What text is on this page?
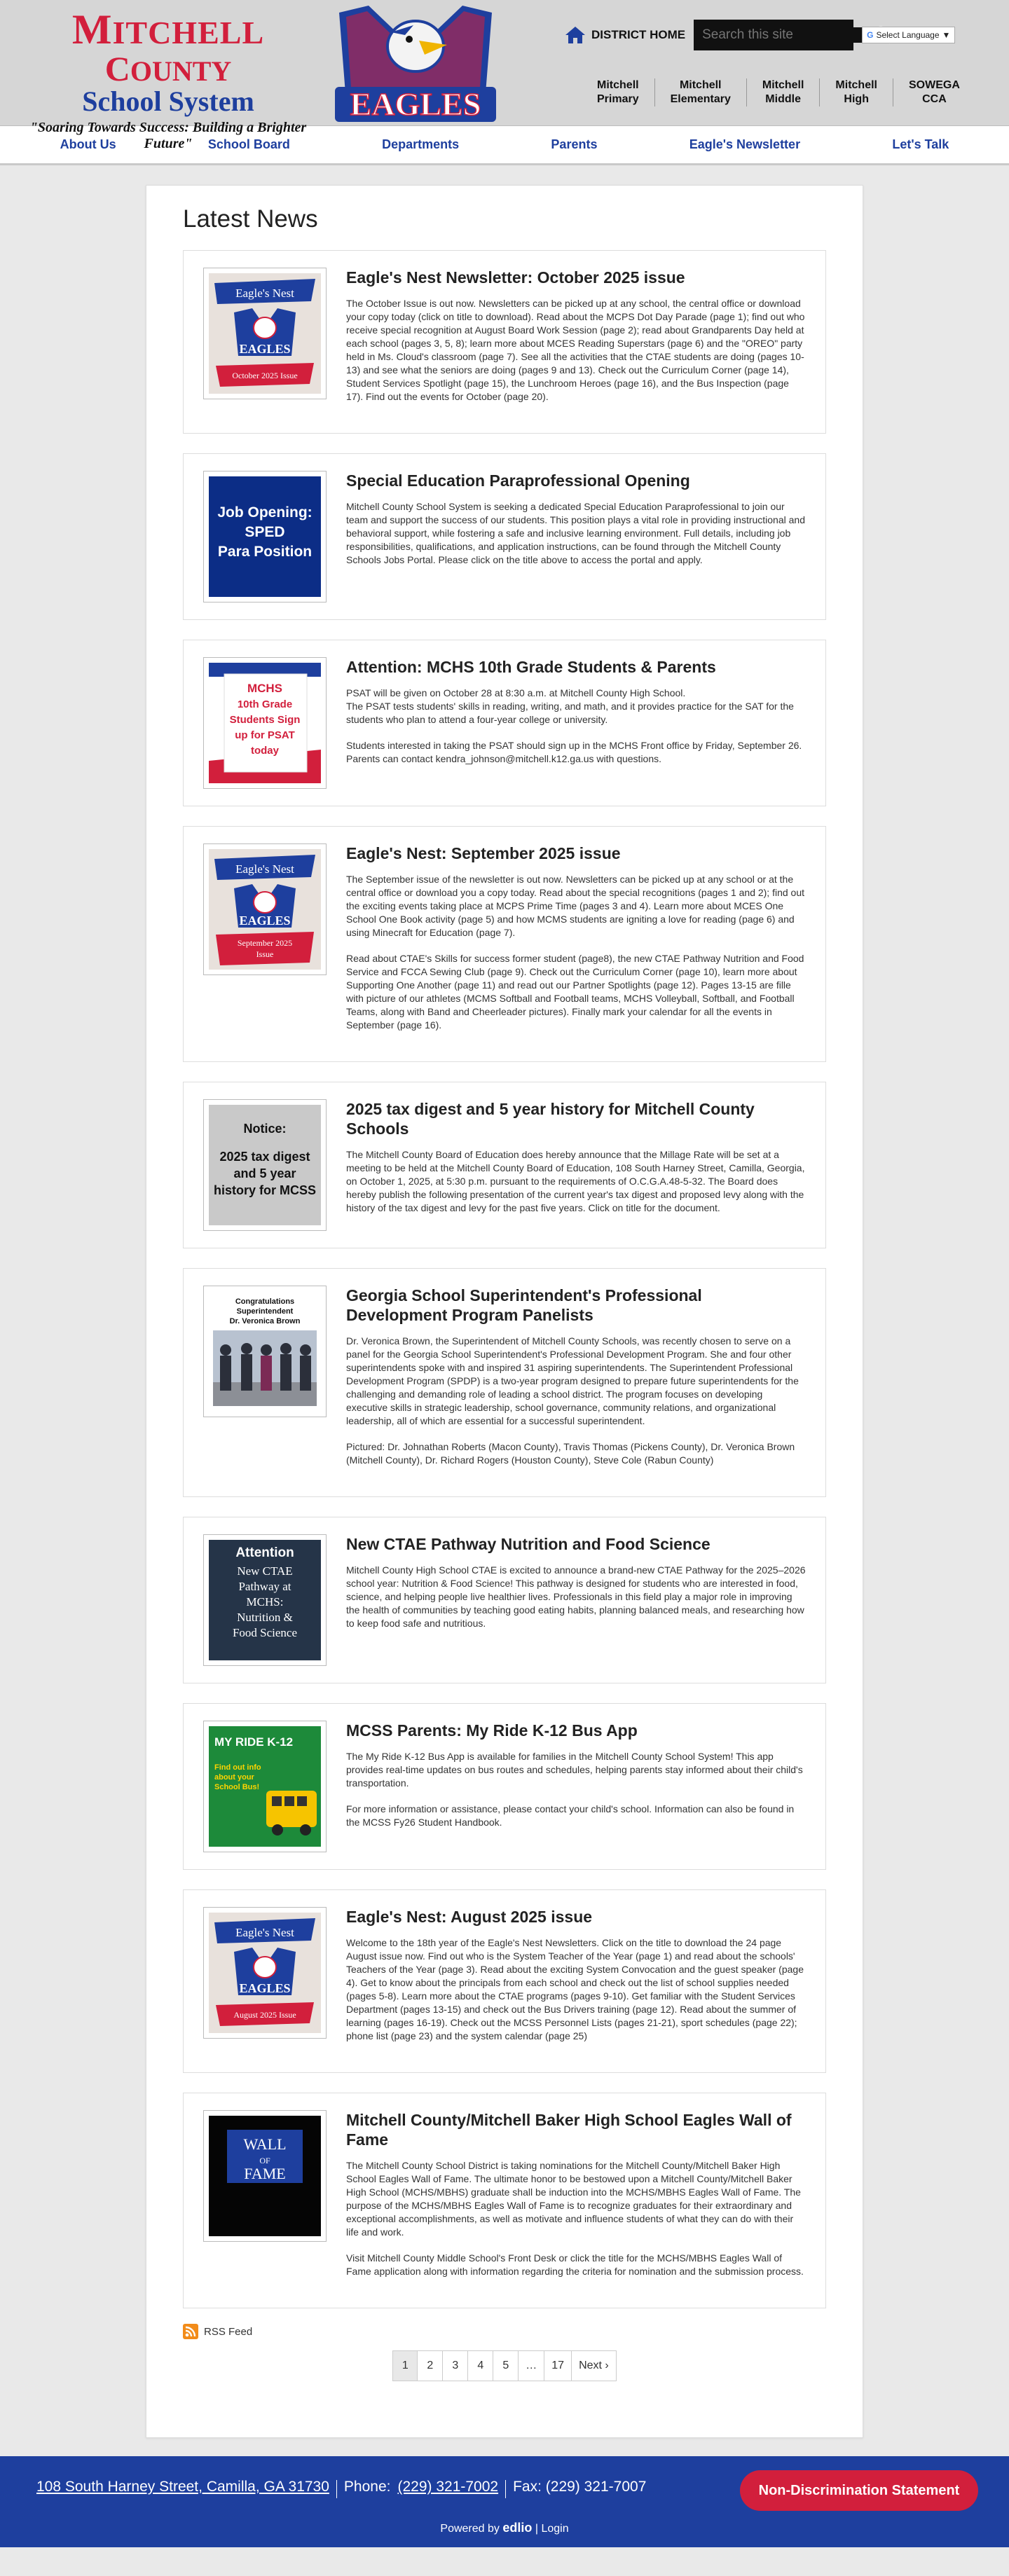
MITCHELL
COUNTY
School System
"Soaring Towards Success: Building a Brighter Future"
EAGLES
DISTRICT HOME
Search this site	G Select Language ▼
Mitchell
Primary
Mitchell
Elementary
Mitchell
Middle
Mitchell
High
SOWEGA
CCA
About Us	School Board	Departments	Parents	Eagle's Newsletter	Let's Talk
Latest News
Eagle's Nest
EAGLES
October 2025 Issue
Eagle's Nest Newsletter: October 2025 issue

The October Issue is out now. Newsletters can be picked up at any school, the central office or download your copy today (click on title to download). Read about the MCPS Dot Day Parade (page 1); find out who receive special recognition at August Board Work Session (page 2); read about Grandparents Day held at each school (pages 3, 5, 8); learn more about MCES Reading Superstars (page 6) and the "OREO" party held in Ms. Cloud's classroom (page 7). See all the activities that the CTAE students are doing (pages 10-13) and see what the seniors are doing (pages 9 and 13). Check out the Curriculum Corner (page 14), Student Services Spotlight (page 15), the Lunchroom Heroes (page 16), and the Bus Inspection (page 17). Find out the events for October (page 20).

Job Opening:
SPED
Para Position
Special Education Paraprofessional Opening

Mitchell County School System is seeking a dedicated Special Education Paraprofessional to join our team and support the success of our students. This position plays a vital role in providing instructional and behavioral support, while fostering a safe and inclusive learning environment. Full details, including job responsibilities, qualifications, and application instructions, can be found through the Mitchell County Schools Jobs Portal. Please click on the title above to access the portal and apply.

MCHS
10th Grade
Students Sign
up for PSAT
today
Attention: MCHS 10th Grade Students & Parents

PSAT will be given on October 28 at 8:30 a.m. at Mitchell County High School.
The PSAT tests students' skills in reading, writing, and math, and it provides practice for the SAT for the students who plan to attend a four-year college or university.

Students interested in taking the PSAT should sign up in the MCHS Front office by Friday, September 26. Parents can contact kendra_johnson@mitchell.k12.ga.us with questions.

Eagle's Nest
EAGLES
September 2025
Issue
Eagle's Nest: September 2025 issue

The September issue of the newsletter is out now. Newsletters can be picked up at any school or at the central office or download you a copy today. Read about the special recognitions (pages 1 and 2); find out the exciting events taking place at MCPS Prime Time (pages 3 and 4). Learn more about MCES One School One Book activity (page 5) and how MCMS students are igniting a love for reading (page 6) and using Minecraft for Education (page 7).

Read about CTAE's Skills for success former student (page8), the new CTAE Pathway Nutrition and Food Service and FCCA Sewing Club (page 9). Check out the Curriculum Corner (page 10), learn more about Supporting One Another (page 11) and read out our Partner Spotlights (page 12). Pages 13-15 are fille with picture of our athletes (MCMS Softball and Football teams, MCHS Volleyball, Softball, and Football Teams, along with Band and Cheerleader pictures). Finally mark your calendar for all the events in September (page 16).

Notice:
2025 tax digest
and 5 year
history for MCSS
2025 tax digest and 5 year history for Mitchell County Schools

The Mitchell County Board of Education does hereby announce that the Millage Rate will be set at a meeting to be held at the Mitchell County Board of Education, 108 South Harney Street, Camilla, Georgia, on October 1, 2025, at 5:30 p.m. pursuant to the requirements of O.C.G.A.48-5-32. The Board does hereby publish the following presentation of the current year's tax digest and proposed levy along with the history of the tax digest and levy for the past five years. Click on title for the document.

Congratulations
Superintendent
Dr. Veronica Brown
Georgia School Superintendent's Professional Development Program Panelists

Dr. Veronica Brown, the Superintendent of Mitchell County Schools, was recently chosen to serve on a panel for the Georgia School Superintendent's Professional Development Program. She and four other superintendents spoke with and inspired 31 aspiring superintendents. The Superintendent Professional Development Program (SPDP) is a two-year program designed to prepare future superintendents for the challenging and demanding role of leading a school district. The program focuses on developing executive skills in strategic leadership, school governance, community relations, and organizational leadership, all of which are essential for a successful superintendent.

Pictured: Dr. Johnathan Roberts (Macon County), Travis Thomas (Pickens County), Dr. Veronica Brown (Mitchell County), Dr. Richard Rogers (Houston County), Steve Cole (Rabun County)

Attention
New CTAE
Pathway at
MCHS:
Nutrition &
Food Science
New CTAE Pathway Nutrition and Food Science

Mitchell County High School CTAE is excited to announce a brand-new CTAE Pathway for the 2025–2026 school year: Nutrition & Food Science! This pathway is designed for students who are interested in food, science, and helping people live healthier lives. Professionals in this field play a major role in improving the health of communities by teaching good eating habits, planning balanced meals, and researching how to keep food safe and nutritious.

MY RIDE K-12
Find out info
about your
School Bus!
MCSS Parents: My Ride K-12 Bus App

The My Ride K-12 Bus App is available for families in the Mitchell County School System! This app provides real-time updates on bus routes and schedules, helping parents stay informed about their child's transportation.

For more information or assistance, please contact your child's school. Information can also be found in the MCSS Fy26 Student Handbook.

Eagle's Nest
EAGLES
August 2025 Issue
Eagle's Nest: August 2025 issue

Welcome to the 18th year of the Eagle's Nest Newsletters. Click on the title to download the 24 page August issue now. Find out who is the System Teacher of the Year (page 1) and read about the schools' Teachers of the Year (page 3). Read about the exciting System Convocation and the guest speaker (page 4). Get to know about the principals from each school and check out the list of school supplies needed (pages 5-8). Learn more about the CTAE programs (pages 9-10). Get familiar with the Student Services Department (pages 13-15) and check out the Bus Drivers training (page 12). Read about the summer of learning (pages 16-19). Check out the MCSS Personnel Lists (pages 21-21), sport schedules (page 22); phone list (page 23) and the system calendar (page 25)

WALL
OF
FAME
Mitchell County/Mitchell Baker High School Eagles Wall of Fame

The Mitchell County School District is taking nominations for the Mitchell County/Mitchell Baker High School Eagles Wall of Fame. The ultimate honor to be bestowed upon a Mitchell County/Mitchell Baker High School (MCHS/MBHS) graduate shall be induction into the MCHS/MBHS Eagles Wall of Fame. The purpose of the MCHS/MBHS Eagles Wall of Fame is to recognize graduates for their extraordinary and exceptional accomplishments, as well as motivate and influence students of what they can do with their life and work.

Visit Mitchell County Middle School's Front Desk or click the title for the MCHS/MBHS Eagles Wall of Fame application along with information regarding the criteria for nomination and the submission process.

RSS Feed
1	2	3	4	5	…	17	Next ›
108 South Harney Street, Camilla, GA 31730 Phone: (229) 321-7002 Fax: (229) 321-7007	Non-Discrimination Statement
Powered by edlio | Login
